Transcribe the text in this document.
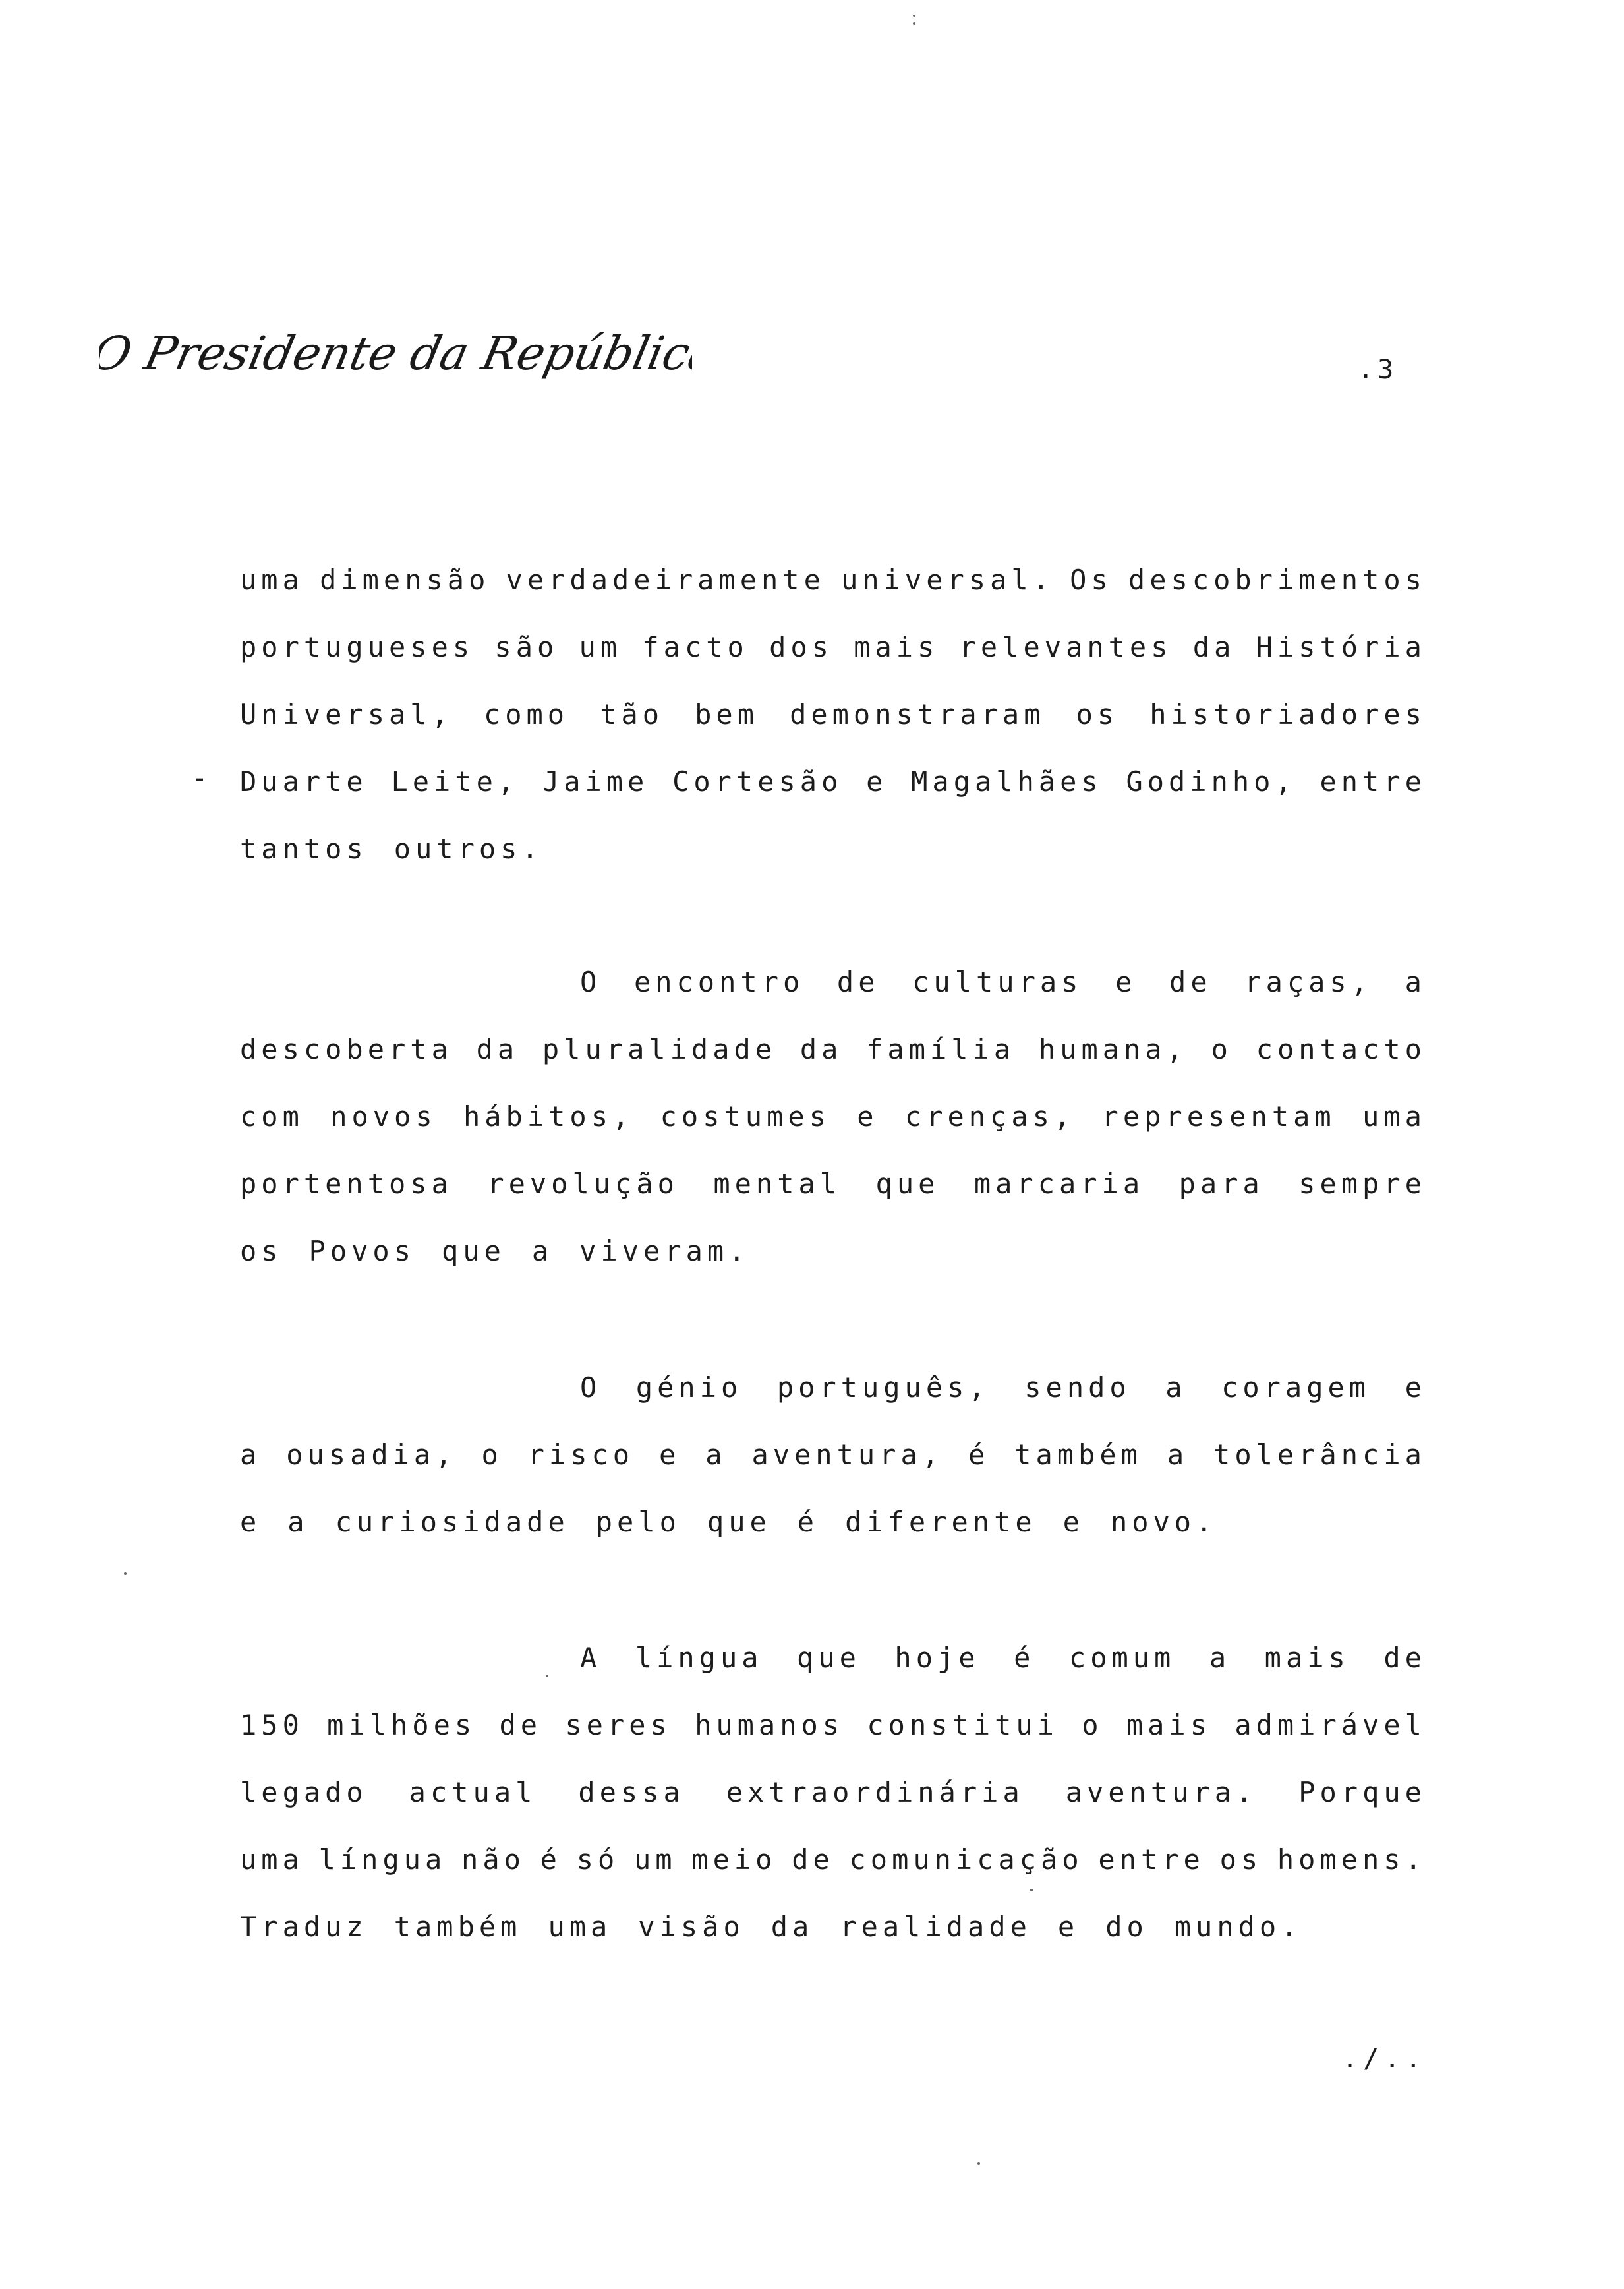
O Presidente da República	.3
-
uma dimensão verdadeiramente universal. Os descobrimentos
portugueses são um facto dos mais relevantes da História
Universal, como tão bem demonstraram os historiadores
Duarte Leite, Jaime Cortesão e Magalhães Godinho, entre
tantos outros.
O encontro de culturas e de raças, a
descoberta da pluralidade da família humana, o contacto
com novos hábitos, costumes e crenças, representam uma
portentosa revolução mental que marcaria para sempre
os Povos que a viveram.
O génio português, sendo a coragem e
a ousadia, o risco e a aventura, é também a tolerância
e a curiosidade pelo que é diferente e novo.
A língua que hoje é comum a mais de
150 milhões de seres humanos constitui o mais admirável
legado actual dessa extraordinária aventura. Porque
uma língua não é só um meio de comunicação entre os homens.
Traduz também uma visão da realidade e do mundo.
./..
